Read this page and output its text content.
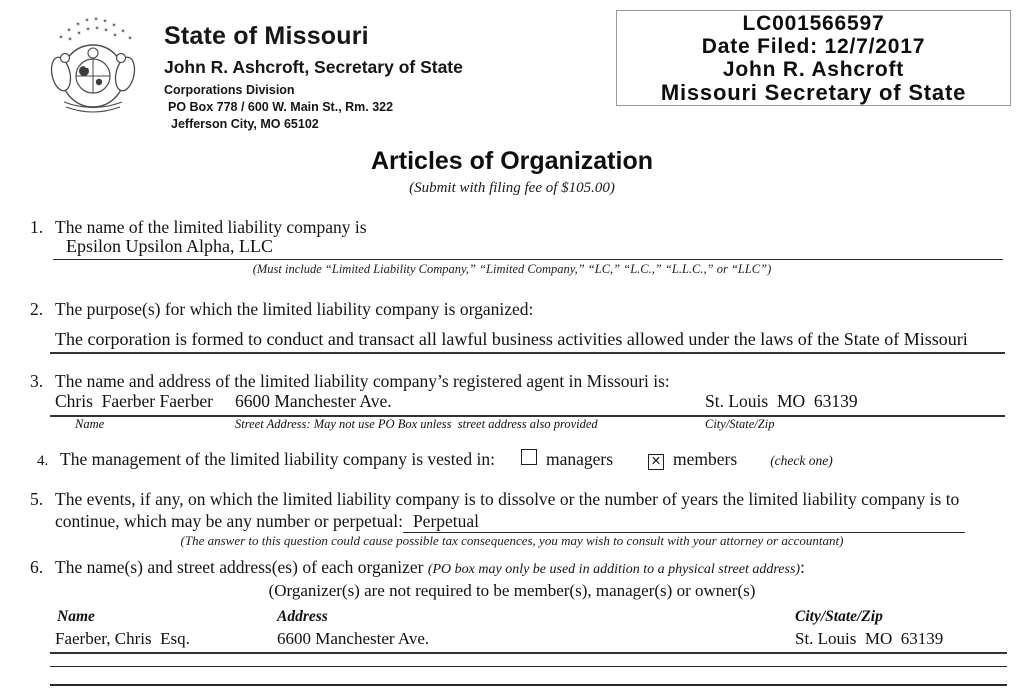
✶
✶
✶
✶ ✶ ✶
✶
✶
✶
✶
✶
✶ ✶ ✶
✶ State of Missouri
John R. Ashcroft, Secretary of State
Corporations Division
PO Box 778 / 600 W. Main St., Rm. 322
Jefferson City, MO 65102
LC001566597
Date Filed: 12/7/2017
John R. Ashcroft
Missouri Secretary of State
Articles of Organization
(Submit with filing fee of $105.00)
1. The name of the limited liability company is
Epsilon Upsilon Alpha, LLC
(Must include “Limited Liability Company,” “Limited Company,” “LC,” “L.C.,” “L.L.C.,” or “LLC”)
2. The purpose(s) for which the limited liability company is organized:
The corporation is formed to conduct and transact all lawful business activities allowed under the laws of the State of Missouri
3. The name and address of the limited liability company’s registered agent in Missouri is:
Chris  Faerber Faerber	6600 Manchester Ave.	St. Louis  MO  63139
Name	Street Address: May not use PO Box unless  street address also provided	City/State/Zip
4. The management of the limited liability company is vested in:	managers	✕ members (check one)
5. The events, if any, on which the limited liability company is to dissolve or the number of years the limited liability company is to
continue, which may be any number or perpetual: Perpetual
(The answer to this question could cause possible tax consequences, you may wish to consult with your attorney or accountant)
6. The name(s) and street address(es) of each organizer (PO box may only be used in addition to a physical street address) :
(Organizer(s) are not required to be member(s), manager(s) or owner(s)
Name	Address	City/State/Zip
Faerber, Chris  Esq.	6600 Manchester Ave.	St. Louis  MO  63139
